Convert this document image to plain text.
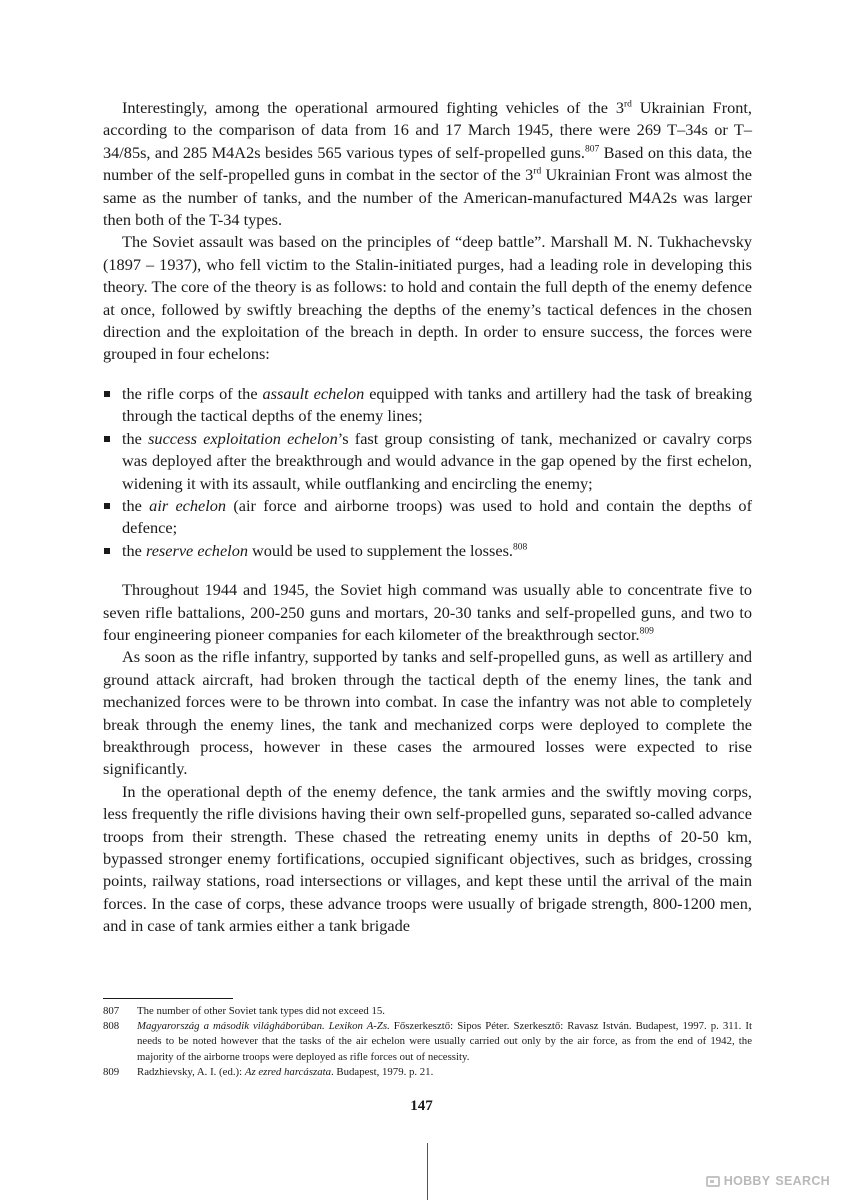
Interestingly, among the operational armoured fighting vehicles of the 3rd Ukrainian Front, according to the comparison of data from 16 and 17 March 1945, there were 269 T–34s or T–34/85s, and 285 M4A2s besides 565 various types of self-propelled guns.$^{807}$ Based on this data, the number of the self-propelled guns in combat in the sector of the 3rd Ukrainian Front was almost the same as the number of tanks, and the number of the American-manufactured M4A2s was larger then both of the T-34 types.

The Soviet assault was based on the principles of “deep battle”. Marshall M. N. Tukhachevsky (1897 – 1937), who fell victim to the Stalin-initiated purges, had a leading role in developing this theory. The core of the theory is as follows: to hold and contain the full depth of the enemy defence at once, followed by swiftly breaching the depths of the enemy’s tactical defences in the chosen direction and the exploitation of the breach in depth. In order to ensure success, the forces were grouped in four echelons:

the rifle corps of the assault echelon equipped with tanks and artillery had the task of breaking through the tactical depths of the enemy lines;
the success exploitation echelon’s fast group consisting of tank, mechanized or cavalry corps was deployed after the breakthrough and would advance in the gap opened by the first echelon, widening it with its assault, while outflanking and encircling the enemy;
the air echelon (air force and airborne troops) was used to hold and contain the depths of defence;
the reserve echelon would be used to supplement the losses.$^{808}$

Throughout 1944 and 1945, the Soviet high command was usually able to concentrate five to seven rifle battalions, 200-250 guns and mortars, 20-30 tanks and self-propelled guns, and two to four engineering pioneer companies for each kilometer of the breakthrough sector.$^{809}$

As soon as the rifle infantry, supported by tanks and self-propelled guns, as well as artillery and ground attack aircraft, had broken through the tactical depth of the enemy lines, the tank and mechanized forces were to be thrown into combat. In case the infantry was not able to completely break through the enemy lines, the tank and mechanized corps were deployed to complete the breakthrough process, however in these cases the armoured losses were expected to rise significantly.

In the operational depth of the enemy defence, the tank armies and the swiftly moving corps, less frequently the rifle divisions having their own self-propelled guns, separated so-called advance troops from their strength. These chased the retreating enemy units in depths of 20-50 km, bypassed stronger enemy fortifications, occupied significant objectives, such as bridges, crossing points, railway stations, road intersections or villages, and kept these until the arrival of the main forces. In the case of corps, these advance troops were usually of brigade strength, 800-1200 men, and in case of tank armies either a tank brigade

807	The number of other Soviet tank types did not exceed 15.
808	Magyarország a második világháborúban. Lexikon A-Zs. Főszerkesztő: Sipos Péter. Szerkesztő: Ravasz István. Budapest, 1997. p. 311. It needs to be noted however that the tasks of the air echelon were usually carried out only by the air force, as from the end of 1942, the majority of the airborne troops were deployed as rifle forces out of necessity.
809	Radzhievsky, A. I. (ed.): Az ezred harcászata. Budapest, 1979. p. 21.
147
HOBBY SEARCH
